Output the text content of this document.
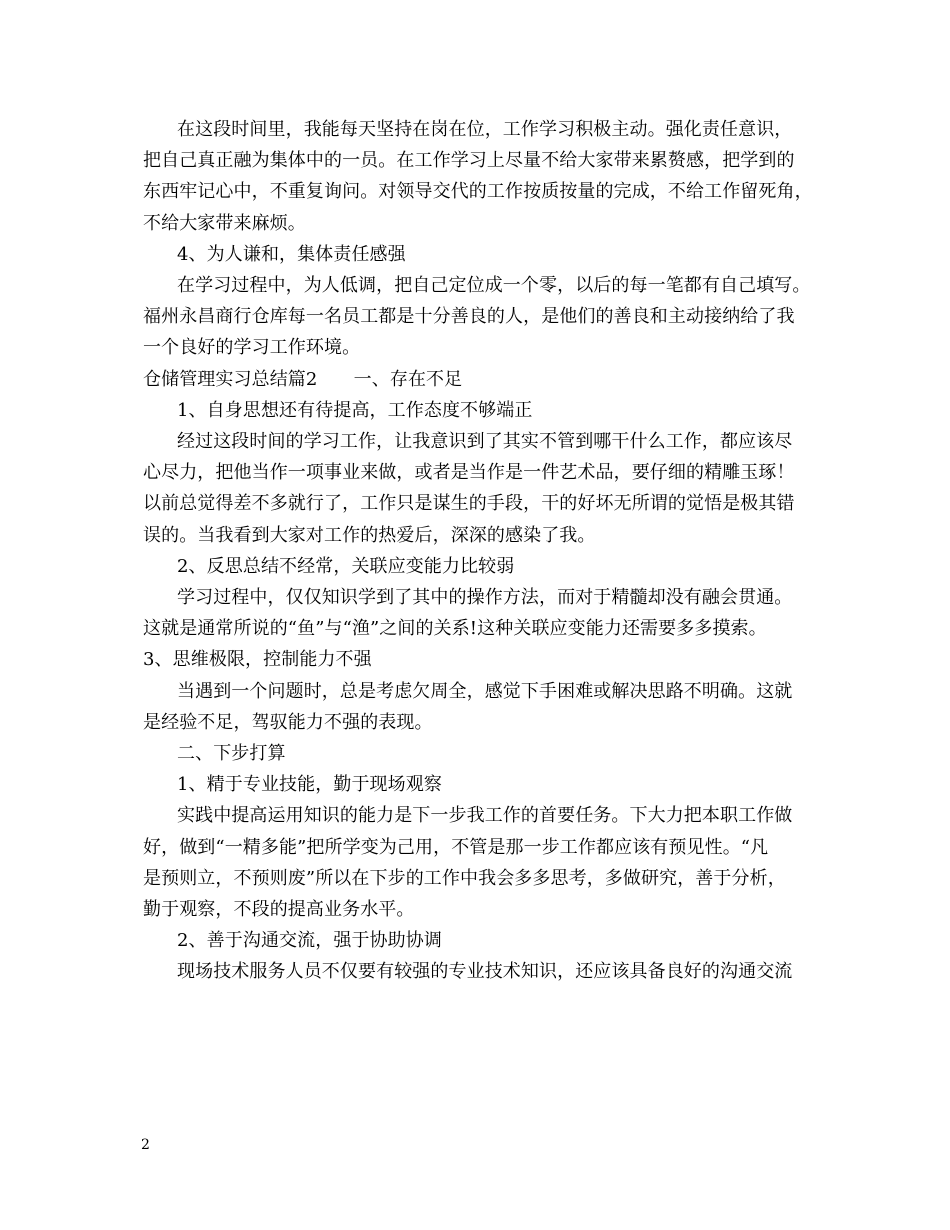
在这段时间里，我能每天坚持在岗在位，工作学习积极主动。强化责任意识，
把自己真正融为集体中的一员。在工作学习上尽量不给大家带来累赘感，把学到的
东西牢记心中，不重复询问。对领导交代的工作按质按量的完成，不给工作留死角，
不给大家带来麻烦。
4、为人谦和，集体责任感强
在学习过程中，为人低调，把自己定位成一个零，以后的每一笔都有自己填写。
福州永昌商行仓库每一名员工都是十分善良的人，是他们的善良和主动接纳给了我
一个良好的学习工作环境。
仓储管理实习总结篇2　　一、存在不足
1、自身思想还有待提高，工作态度不够端正
经过这段时间的学习工作，让我意识到了其实不管到哪干什么工作，都应该尽
心尽力，把他当作一项事业来做，或者是当作是一件艺术品，要仔细的精雕玉琢！
以前总觉得差不多就行了，工作只是谋生的手段，干的好坏无所谓的觉悟是极其错
误的。当我看到大家对工作的热爱后，深深的感染了我。
2、反思总结不经常，关联应变能力比较弱
学习过程中，仅仅知识学到了其中的操作方法，而对于精髓却没有融会贯通。
这就是通常所说的“鱼”与“渔”之间的关系!这种关联应变能力还需要多多摸索。
3、思维极限，控制能力不强
当遇到一个问题时，总是考虑欠周全，感觉下手困难或解决思路不明确。这就
是经验不足，驾驭能力不强的表现。
二、下步打算
1、精于专业技能，勤于现场观察
实践中提高运用知识的能力是下一步我工作的首要任务。下大力把本职工作做
好，做到“一精多能”把所学变为己用，不管是那一步工作都应该有预见性。“凡
是预则立，不预则废”所以在下步的工作中我会多多思考，多做研究，善于分析，
勤于观察，不段的提高业务水平。
2、善于沟通交流，强于协助协调
现场技术服务人员不仅要有较强的专业技术知识，还应该具备良好的沟通交流
2
